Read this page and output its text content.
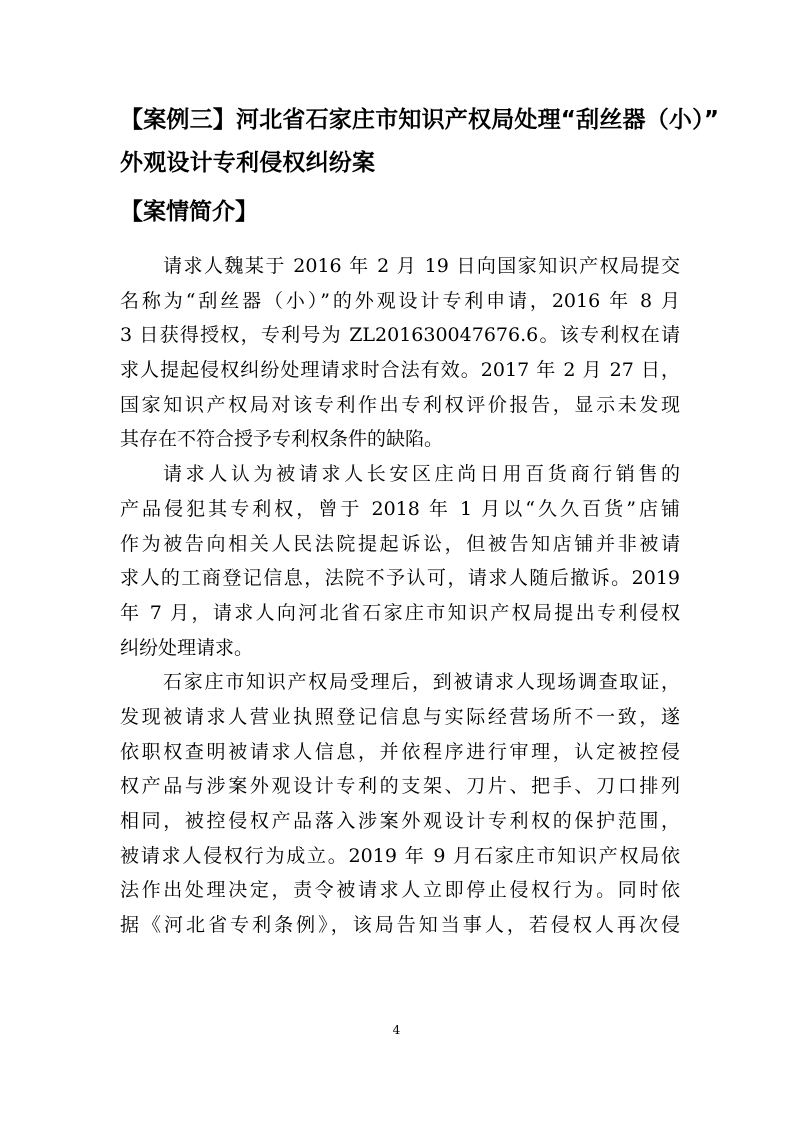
【案例三】河北省石家庄市知识产权局处理“刮丝器（小）”
外观设计专利侵权纠纷案
【案情简介】
请求人魏某于 2016 年 2 月 19 日向国家知识产权局提交
名称为“刮丝器（小）”的外观设计专利申请，2016 年 8 月
3 日获得授权，专利号为 ZL201630047676.6。该专利权在请
求人提起侵权纠纷处理请求时合法有效。2017 年 2 月 27 日，
国家知识产权局对该专利作出专利权评价报告，显示未发现
其存在不符合授予专利权条件的缺陷。
请求人认为被请求人长安区庄尚日用百货商行销售的
产品侵犯其专利权，曾于 2018 年 1 月以“久久百货”店铺
作为被告向相关人民法院提起诉讼，但被告知店铺并非被请
求人的工商登记信息，法院不予认可，请求人随后撤诉。2019
年 7 月，请求人向河北省石家庄市知识产权局提出专利侵权
纠纷处理请求。
石家庄市知识产权局受理后，到被请求人现场调查取证，
发现被请求人营业执照登记信息与实际经营场所不一致，遂
依职权查明被请求人信息，并依程序进行审理，认定被控侵
权产品与涉案外观设计专利的支架、刀片、把手、刀口排列
相同，被控侵权产品落入涉案外观设计专利权的保护范围，
被请求人侵权行为成立。2019 年 9 月石家庄市知识产权局依
法作出处理决定，责令被请求人立即停止侵权行为。同时依
据《河北省专利条例》，该局告知当事人，若侵权人再次侵
4
